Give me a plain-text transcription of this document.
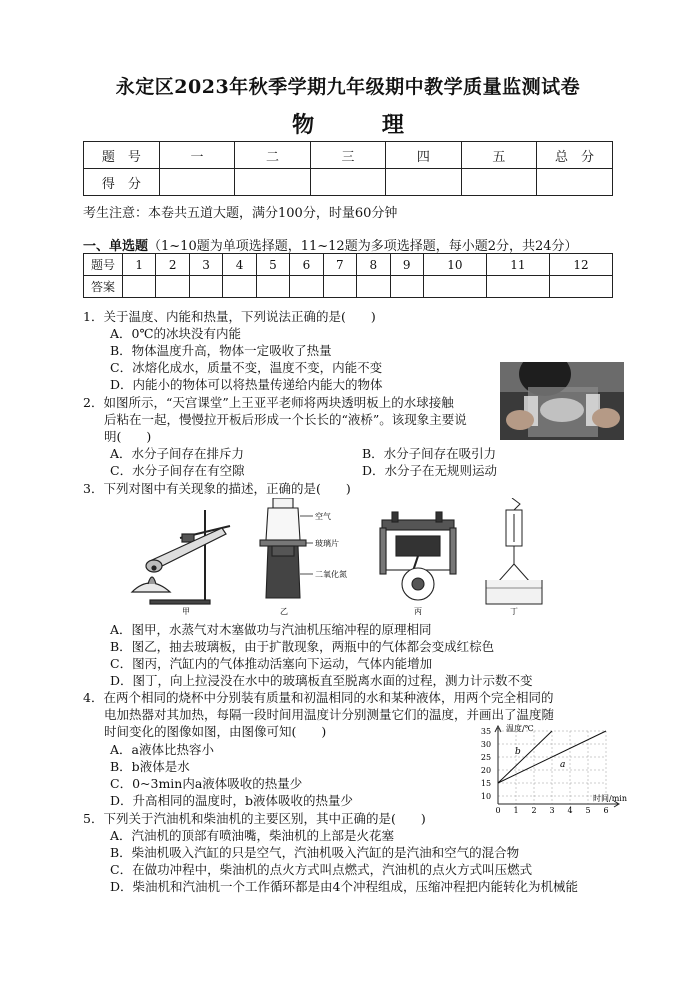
永定区2023年秋季学期九年级期中教学质量监测试卷
物	理
题　号	一	二	三	四	五	总　分
得　分						
考生注意：本卷共五道大题，满分100分，时量60分钟
一、单选题（1~10题为单项选择题，11~12题为多项选择题，每小题2分，共24分）
题号	1	2	3	4	5	6	7	8	9	10	11	12
答案												
1．关于温度、内能和热量，下列说法正确的是(　　)
A．0℃的冰块没有内能
B．物体温度升高，物体一定吸收了热量
C．冰熔化成水，质量不变，温度不变，内能不变
D．内能小的物体可以将热量传递给内能大的物体
2．如图所示，“天宫课堂”上王亚平老师将两块透明板上的水球接触
后粘在一起，慢慢拉开板后形成一个长长的“液桥”。该现象主要说
明(　　)
A．水分子间存在排斥力	B．水分子间存在吸引力
C．水分子间存在有空隙	D．水分子在无规则运动
3．下列对图中有关现象的描述，正确的是(　　)
甲
空气
玻璃片
二氧化氮
乙	丙	丁
A．图甲，水蒸气对木塞做功与汽油机压缩冲程的原理相同
B．图乙，抽去玻璃板，由于扩散现象，两瓶中的气体都会变成红棕色
C．图丙，汽缸内的气体推动活塞向下运动，气体内能增加
D．图丁，向上拉浸没在水中的玻璃板直至脱离水面的过程，测力计示数不变
4．在两个相同的烧杯中分别装有质量和初温相同的水和某种液体，用两个完全相同的
电加热器对其加热，每隔一段时间用温度计分别测量它们的温度，并画出了温度随
时间变化的图像如图，由图像可知(　　)
A．a液体比热容小
B．b液体是水
C．0~3min内a液体吸收的热量少
D．升高相同的温度时，b液体吸收的热量少	10
15
20
25
30
35
0 1 2 3 4 5 6
b
a
温度/℃
时间/min
5．下列关于汽油机和柴油机的主要区别，其中正确的是(　　)
A．汽油机的顶部有喷油嘴，柴油机的上部是火花塞
B．柴油机吸入汽缸的只是空气，汽油机吸入汽缸的是汽油和空气的混合物
C．在做功冲程中，柴油机的点火方式叫点燃式，汽油机的点火方式叫压燃式
D．柴油机和汽油机一个工作循环都是由4个冲程组成，压缩冲程把内能转化为机械能
